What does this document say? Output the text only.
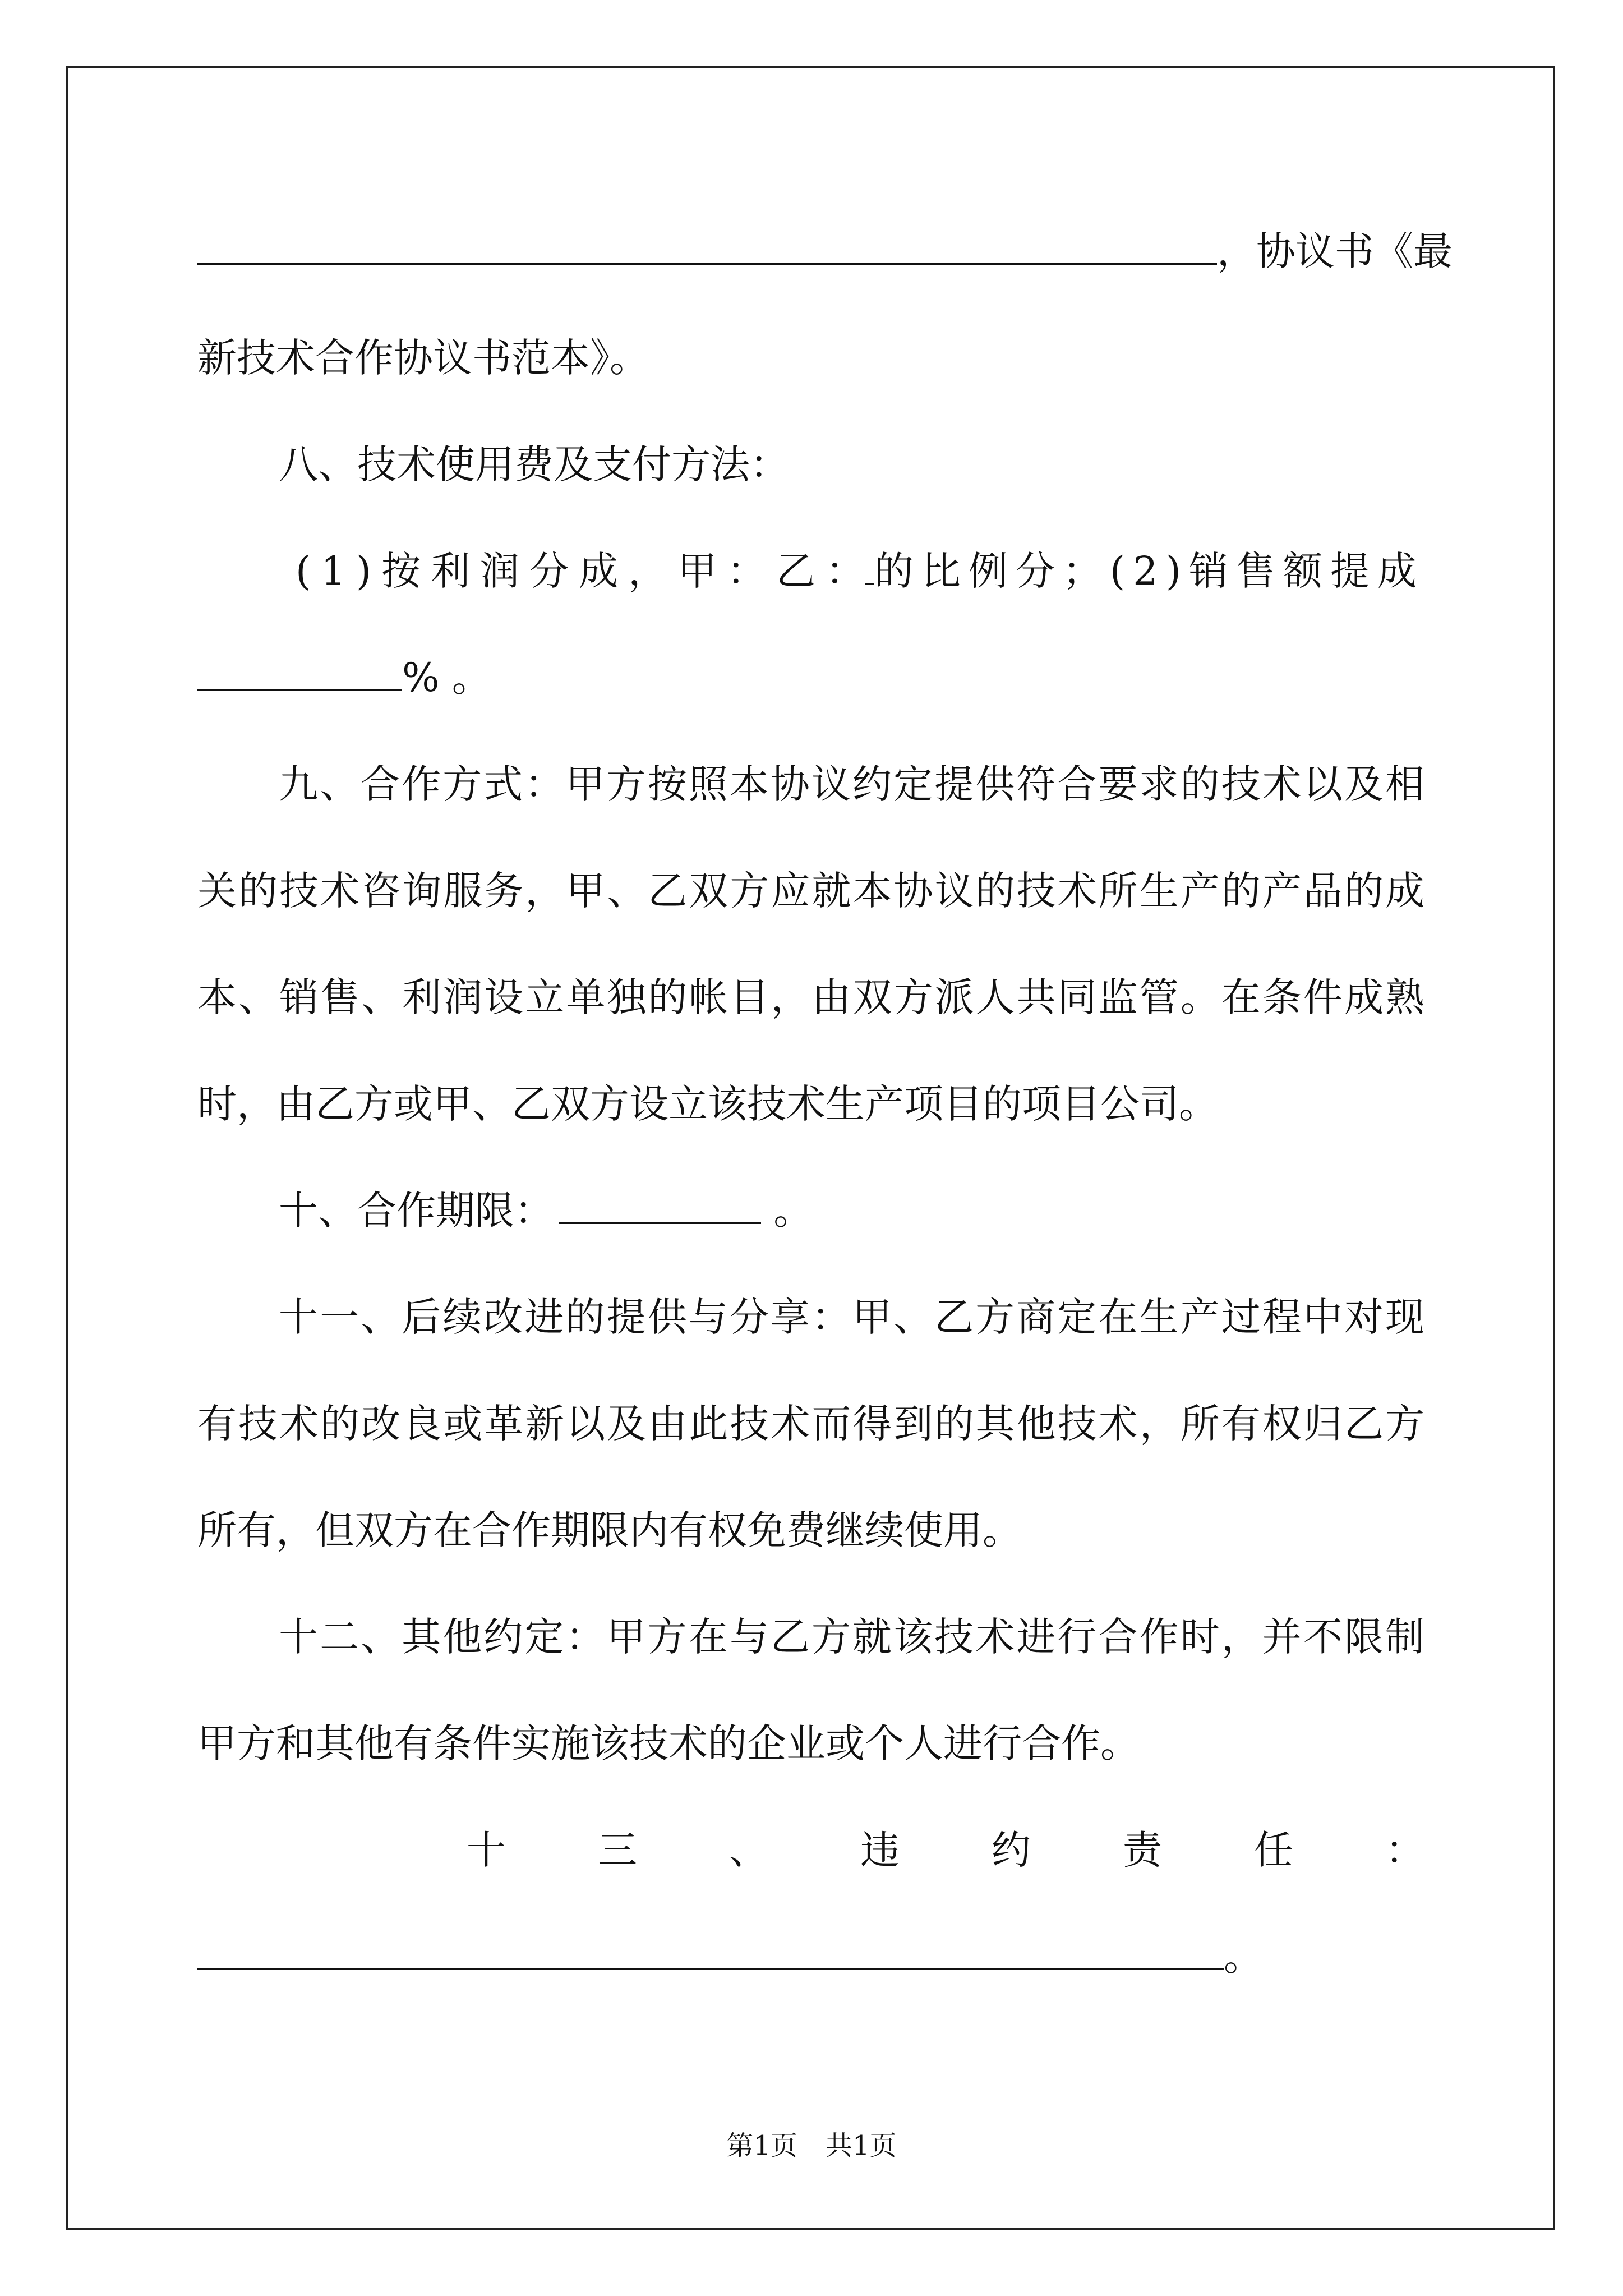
，协议书《最
新技术合作协议书范本》。
八、技术使用费及支付方法：
(1)按利润分成，甲：乙 ： 的比例分；(2)销售额提成
% 。
九、合作方式：甲方按照本协议约定提供符合要求的技术以及相
关的技术咨询服务，甲、乙双方应就本协议的技术所生产的产品的成
本、销售、利润设立单独的帐目，由双方派人共同监管。在条件成熟
时，由乙方或甲、乙双方设立该技术生产项目的项目公司。
十、合作期限：	。
十一、后续改进的提供与分享：甲、乙方商定在生产过程中对现
有技术的改良或革新以及由此技术而得到的其他技术，所有权归乙方
所有，但双方在合作期限内有权免费继续使用。
十二、其他约定：甲方在与乙方就该技术进行合作时，并不限制
甲方和其他有条件实施该技术的企业或个人进行合作。
十 三 、 违 约 责 任 ：
。
第1页 共1页
